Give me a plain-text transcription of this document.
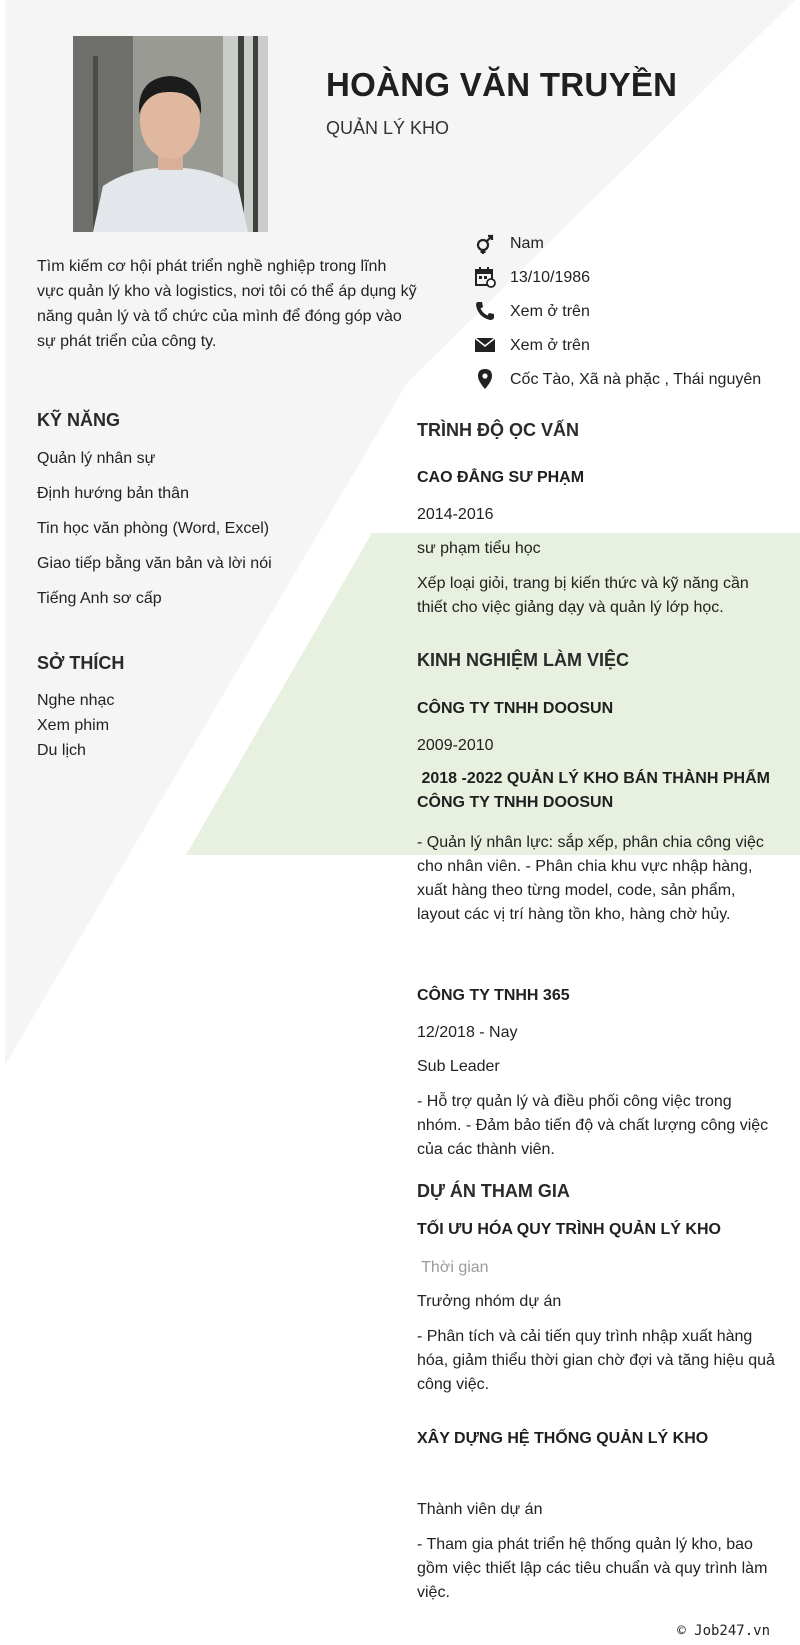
HOÀNG VĂN TRUYỀN
QUẢN LÝ KHO
Tìm kiếm cơ hội phát triển nghề nghiệp trong lĩnh vực quản lý kho và logistics, nơi tôi có thể áp dụng kỹ năng quản lý và tổ chức của mình để đóng góp vào sự phát triển của công ty.
Nam
13/10/1986
Xem ở trên
Xem ở trên
Cốc Tào, Xã nà phặc , Thái nguyên
KỸ NĂNG
Quản lý nhân sự
Định hướng bản thân
Tin học văn phòng (Word, Excel)
Giao tiếp bằng văn bản và lời nói
Tiếng Anh sơ cấp
SỞ THÍCH
Nghe nhạc
Xem phim
Du lịch
TRÌNH ĐỘ ỌC VẤN
CAO ĐẲNG SƯ PHẠM
2014-2016
sư phạm tiểu học
Xếp loại giỏi, trang bị kiến thức và kỹ năng cần thiết cho việc giảng dạy và quản lý lớp học.
KINH NGHIỆM LÀM VIỆC
CÔNG TY TNHH DOOSUN
2009-2010
2018 -2022 QUẢN LÝ KHO BÁN THÀNH PHẨM CÔNG TY TNHH DOOSUN
- Quản lý nhân lực: sắp xếp, phân chia công việc cho nhân viên. - Phân chia khu vực nhập hàng, xuất hàng theo từng model, code, sản phẩm, layout các vị trí hàng tồn kho, hàng chờ hủy.
CÔNG TY TNHH 365
12/2018 - Nay
Sub Leader
- Hỗ trợ quản lý và điều phối công việc trong nhóm. - Đảm bảo tiến độ và chất lượng công việc của các thành viên.
DỰ ÁN THAM GIA
TỐI ƯU HÓA QUY TRÌNH QUẢN LÝ KHO
Thời gian
Trưởng nhóm dự án
- Phân tích và cải tiến quy trình nhập xuất hàng hóa, giảm thiểu thời gian chờ đợi và tăng hiệu quả công việc.
XÂY DỰNG HỆ THỐNG QUẢN LÝ KHO
Thành viên dự án
- Tham gia phát triển hệ thống quản lý kho, bao gồm việc thiết lập các tiêu chuẩn và quy trình làm việc.
© Job247.vn
